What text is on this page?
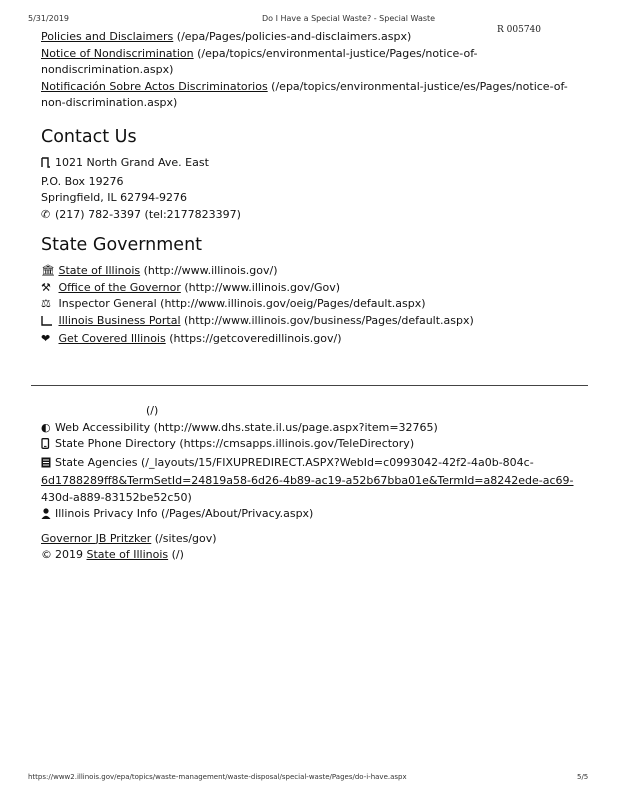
5/31/2019	Do I Have a Special Waste? - Special Waste
R 005740
Policies and Disclaimers (/epa/Pages/policies-and-disclaimers.aspx)
Notice of Nondiscrimination (/epa/topics/environmental-justice/Pages/notice-of-
nondiscrimination.aspx)
Notificación Sobre Actos Discriminatorios (/epa/topics/environmental-justice/es/Pages/notice-of-
non-discrimination.aspx)
Contact Us
1021 North Grand Ave. East
P.O. Box 19276
Springfield, IL 62794-9276
✆ (217) 782-3397 (tel:2177823397)
State Government
🏛 State of Illinois (http://www.illinois.gov/)
⚒ Office of the Governor (http://www.illinois.gov/Gov)
⚖ Inspector General (http://www.illinois.gov/oeig/Pages/default.aspx)
Illinois Business Portal (http://www.illinois.gov/business/Pages/default.aspx)
❤ Get Covered Illinois (https://getcoveredillinois.gov/)
(/)
◐ Web Accessibility (http://www.dhs.state.il.us/page.aspx?item=32765)
State Phone Directory (https://cmsapps.illinois.gov/TeleDirectory)
State Agencies (/_layouts/15/FIXUPREDIRECT.ASPX?WebId=c0993042-42f2-4a0b-804c-
6d1788289ff8&TermSetId=24819a58-6d26-4b89-ac19-a52b67bba01e&TermId=a8242ede-ac69-
430d-a889-83152be52c50)
Illinois Privacy Info (/Pages/About/Privacy.aspx)
Governor JB Pritzker (/sites/gov)
© 2019 State of Illinois (/)
https://www2.illinois.gov/epa/topics/waste-management/waste-disposal/special-waste/Pages/do-i-have.aspx	5/5
